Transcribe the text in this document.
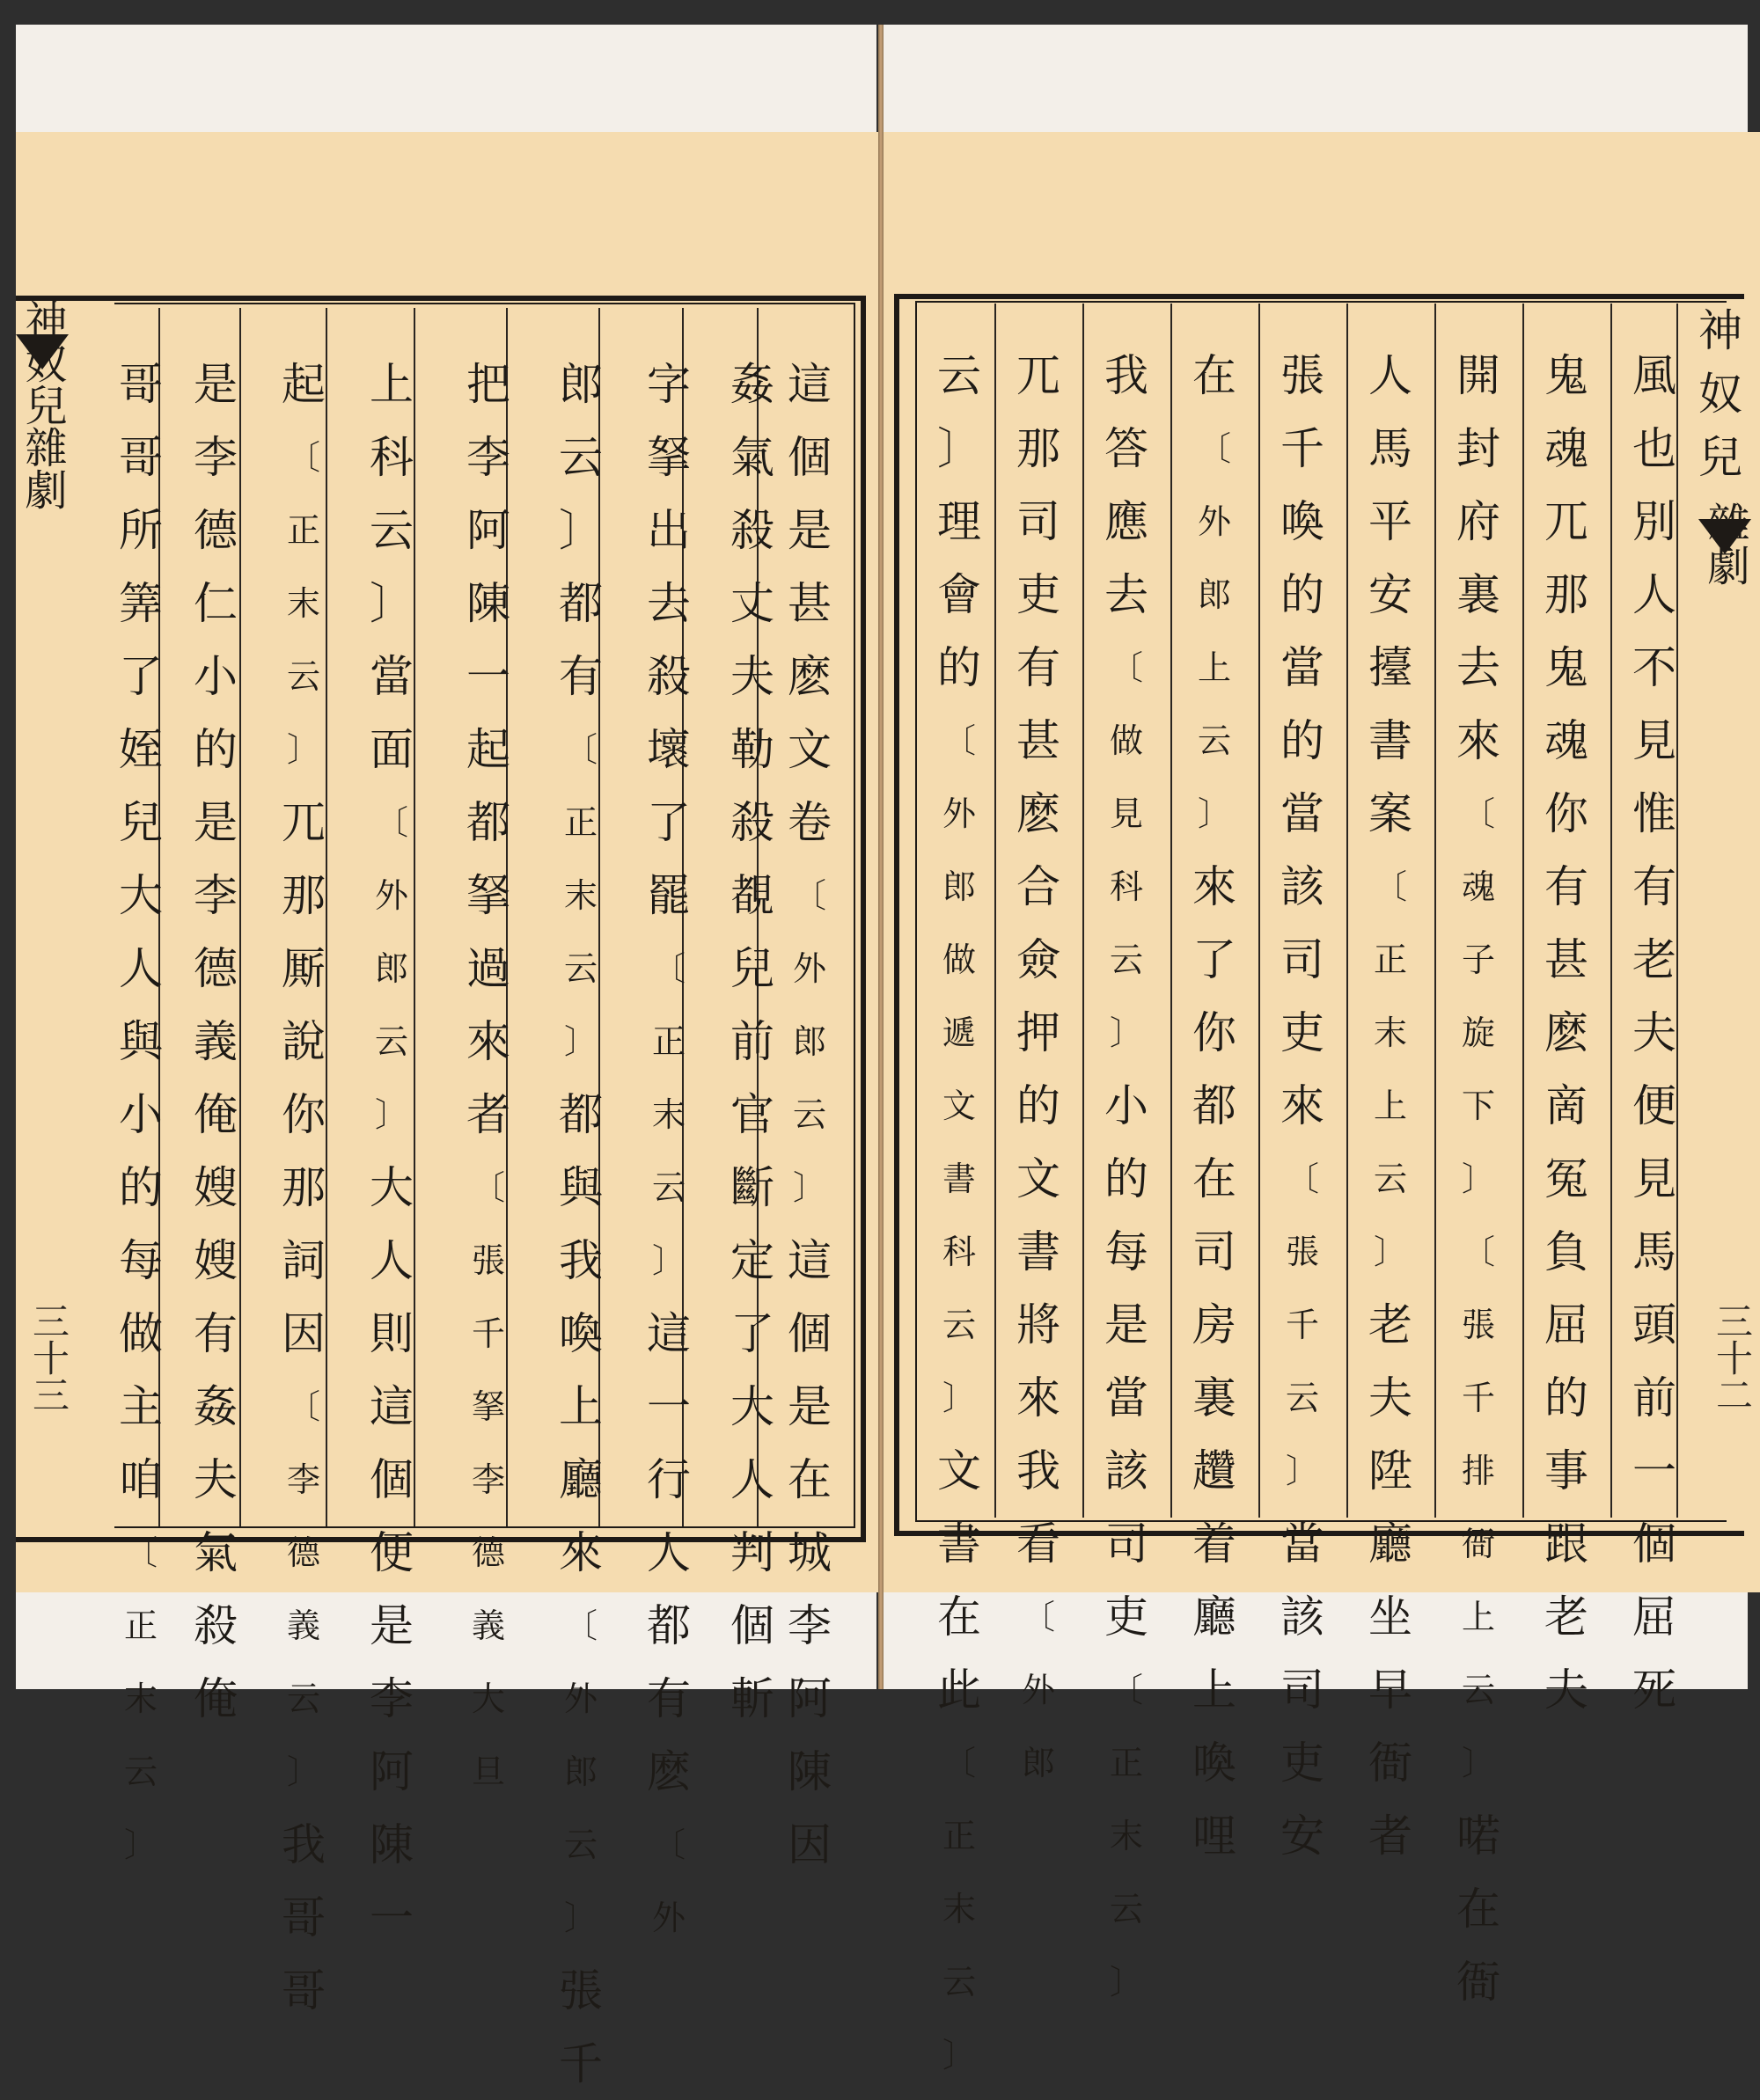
這
個
是
甚
麽
文
卷
〔
外
郎
云
〕
這
個
是
在
城
李
阿
陳
因
姦
氣
殺
丈
夫
勒
殺
覩
兒
前
官
斷
定
了
大
人
判
個
斬
字
拏
出
去
殺
壞
了
罷
〔
正
末
云
〕
這
一
行
人
都
有
麽
〔
外
郎
云
〕
都
有
〔
正
末
云
〕
都
與
我
喚
上
廳
來
〔
外
郎
云
〕
張
千
把
李
阿
陳
一
起
都
拏
過
來
者
〔
張
千
拏
李
德
義
大
旦
上
科
云
〕
當
面
〔
外
郎
云
〕
大
人
則
這
個
便
是
李
阿
陳
一
起
〔
正
末
云
〕
兀
那
厮
說
你
那
詞
因
〔
李
德
義
云
〕
我
哥
哥
是
李
德
仁
小
的
是
李
德
義
俺
嫂
嫂
有
姦
夫
氣
殺
俺
哥
哥
所
筭
了
姪
兒
大
人
與
小
的
每
做
主
咱
〔
正
末
云
〕
神
奴
兒
風
也
別
人
不
見
惟
有
老
夫
便
見
馬
頭
前
一
個
屈
死
鬼
魂
兀
那
鬼
魂
你
有
甚
麽
啇
冤
負
屈
的
事
跟
老
夫
開
封
府
裏
去
來
〔
魂
子
旋
下
〕
〔
張
千
排
衙
上
云
〕
喏
在
衙
人
馬
平
安
擡
書
案
〔
正
末
上
云
〕
老
夫
陞
廳
坐
早
衙
者
張
千
喚
的
當
的
當
該
司
吏
來
〔
張
千
云
〕
當
該
司
吏
安
在
〔
外
郎
上
云
〕
來
了
你
都
在
司
房
裏
趲
着
廳
上
喚
哩
我
答
應
去
〔
做
見
科
云
〕
小
的
每
是
當
該
司
吏
〔
正
末
云
〕
兀
那
司
吏
有
甚
麽
合
僉
押
的
文
書
將
來
我
看
〔
外
郎
云
〕
理
會
的
〔
外
郎
做
遞
文
書
科
云
〕
文
書
在
此
〔
正
末
云
〕
神奴兒
雜劇
三十三
雜劇
三十二
